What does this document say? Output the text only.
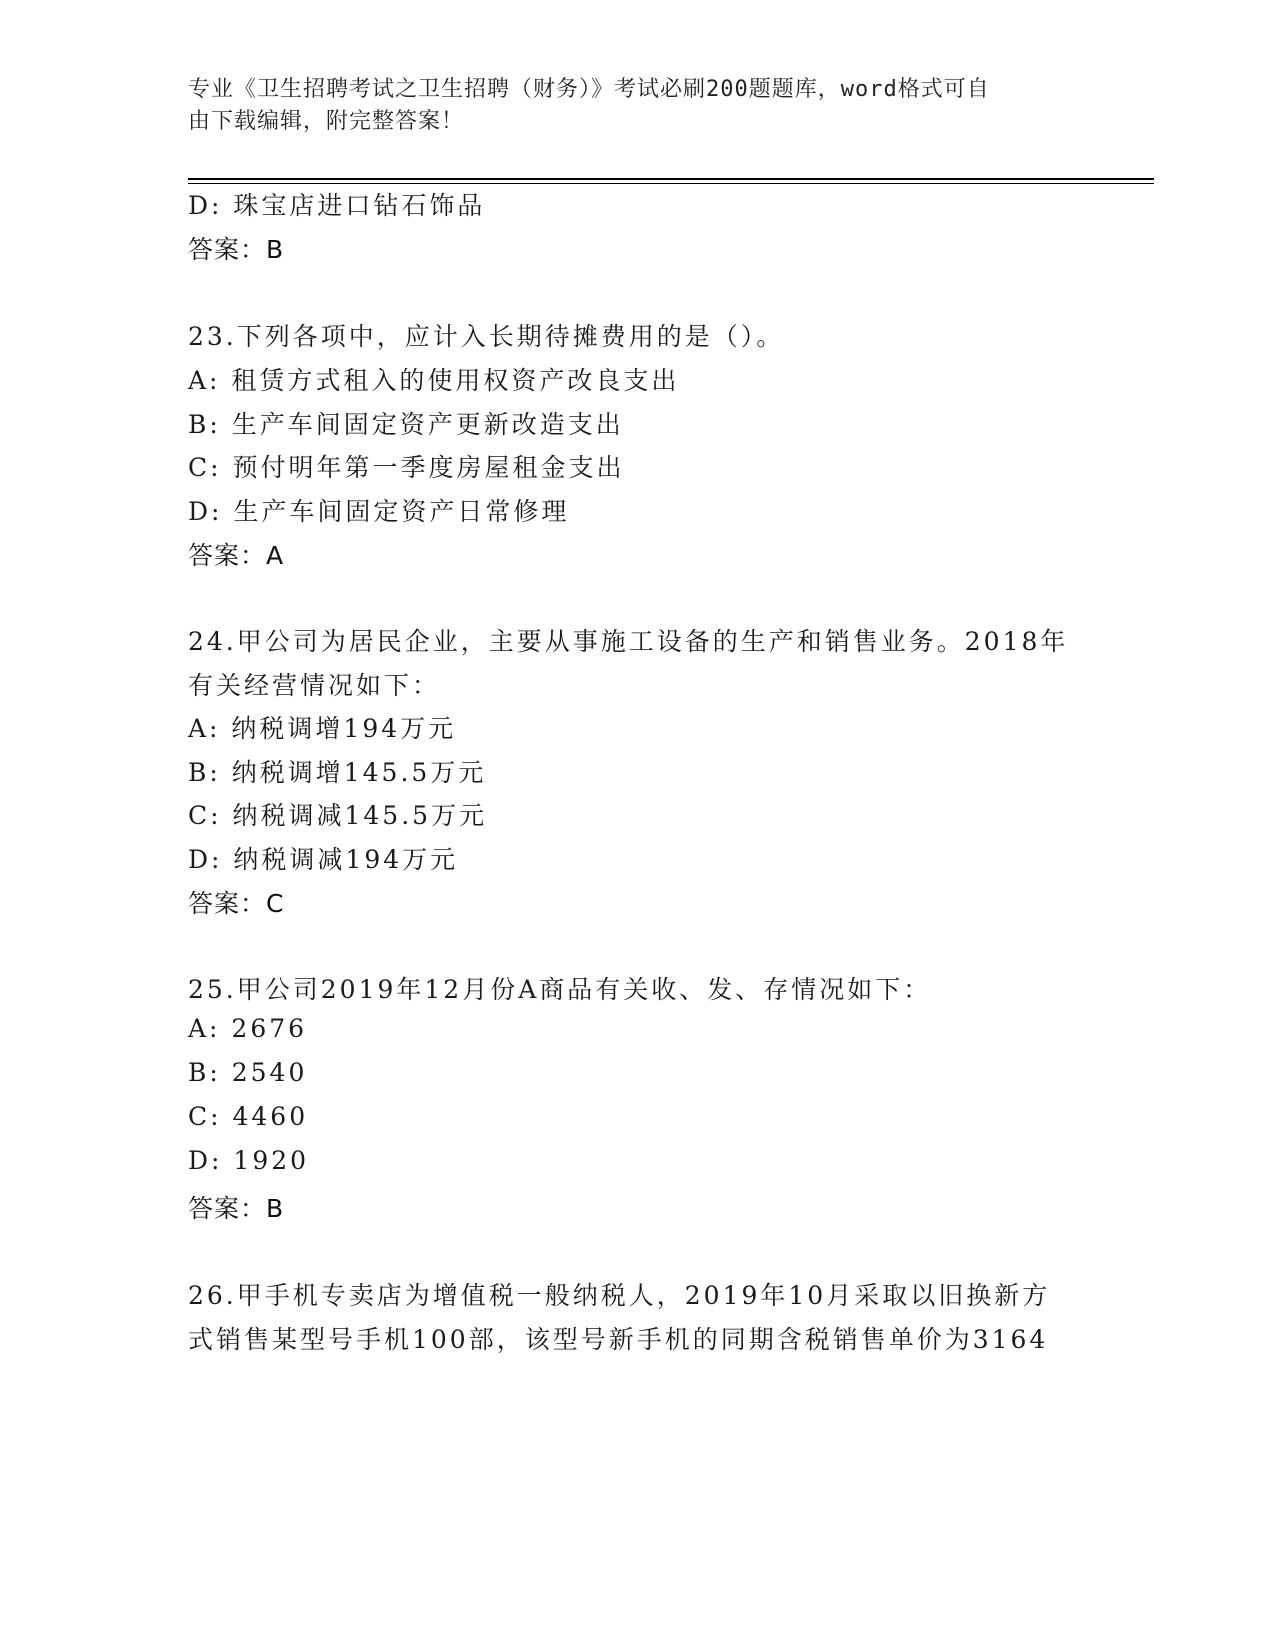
专业《卫生招聘考试之卫生招聘（财务）》考试必刷200题题库，word格式可自
由下载编辑，附完整答案！
D: 珠宝店进口钻石饰品
答案：B
23.下列各项中，应计入长期待摊费用的是（）。
A: 租赁方式租入的使用权资产改良支出
B: 生产车间固定资产更新改造支出
C: 预付明年第一季度房屋租金支出
D: 生产车间固定资产日常修理
答案：A
24.甲公司为居民企业，主要从事施工设备的生产和销售业务。2018年
有关经营情况如下：
A: 纳税调增194万元
B: 纳税调增145.5万元
C: 纳税调减145.5万元
D: 纳税调减194万元
答案：C
25.甲公司2019年12月份A商品有关收、发、存情况如下：
A: 2676
B: 2540
C: 4460
D: 1920
答案：B
26.甲手机专卖店为增值税一般纳税人，2019年10月采取以旧换新方
式销售某型号手机100部，该型号新手机的同期含税销售单价为3164
